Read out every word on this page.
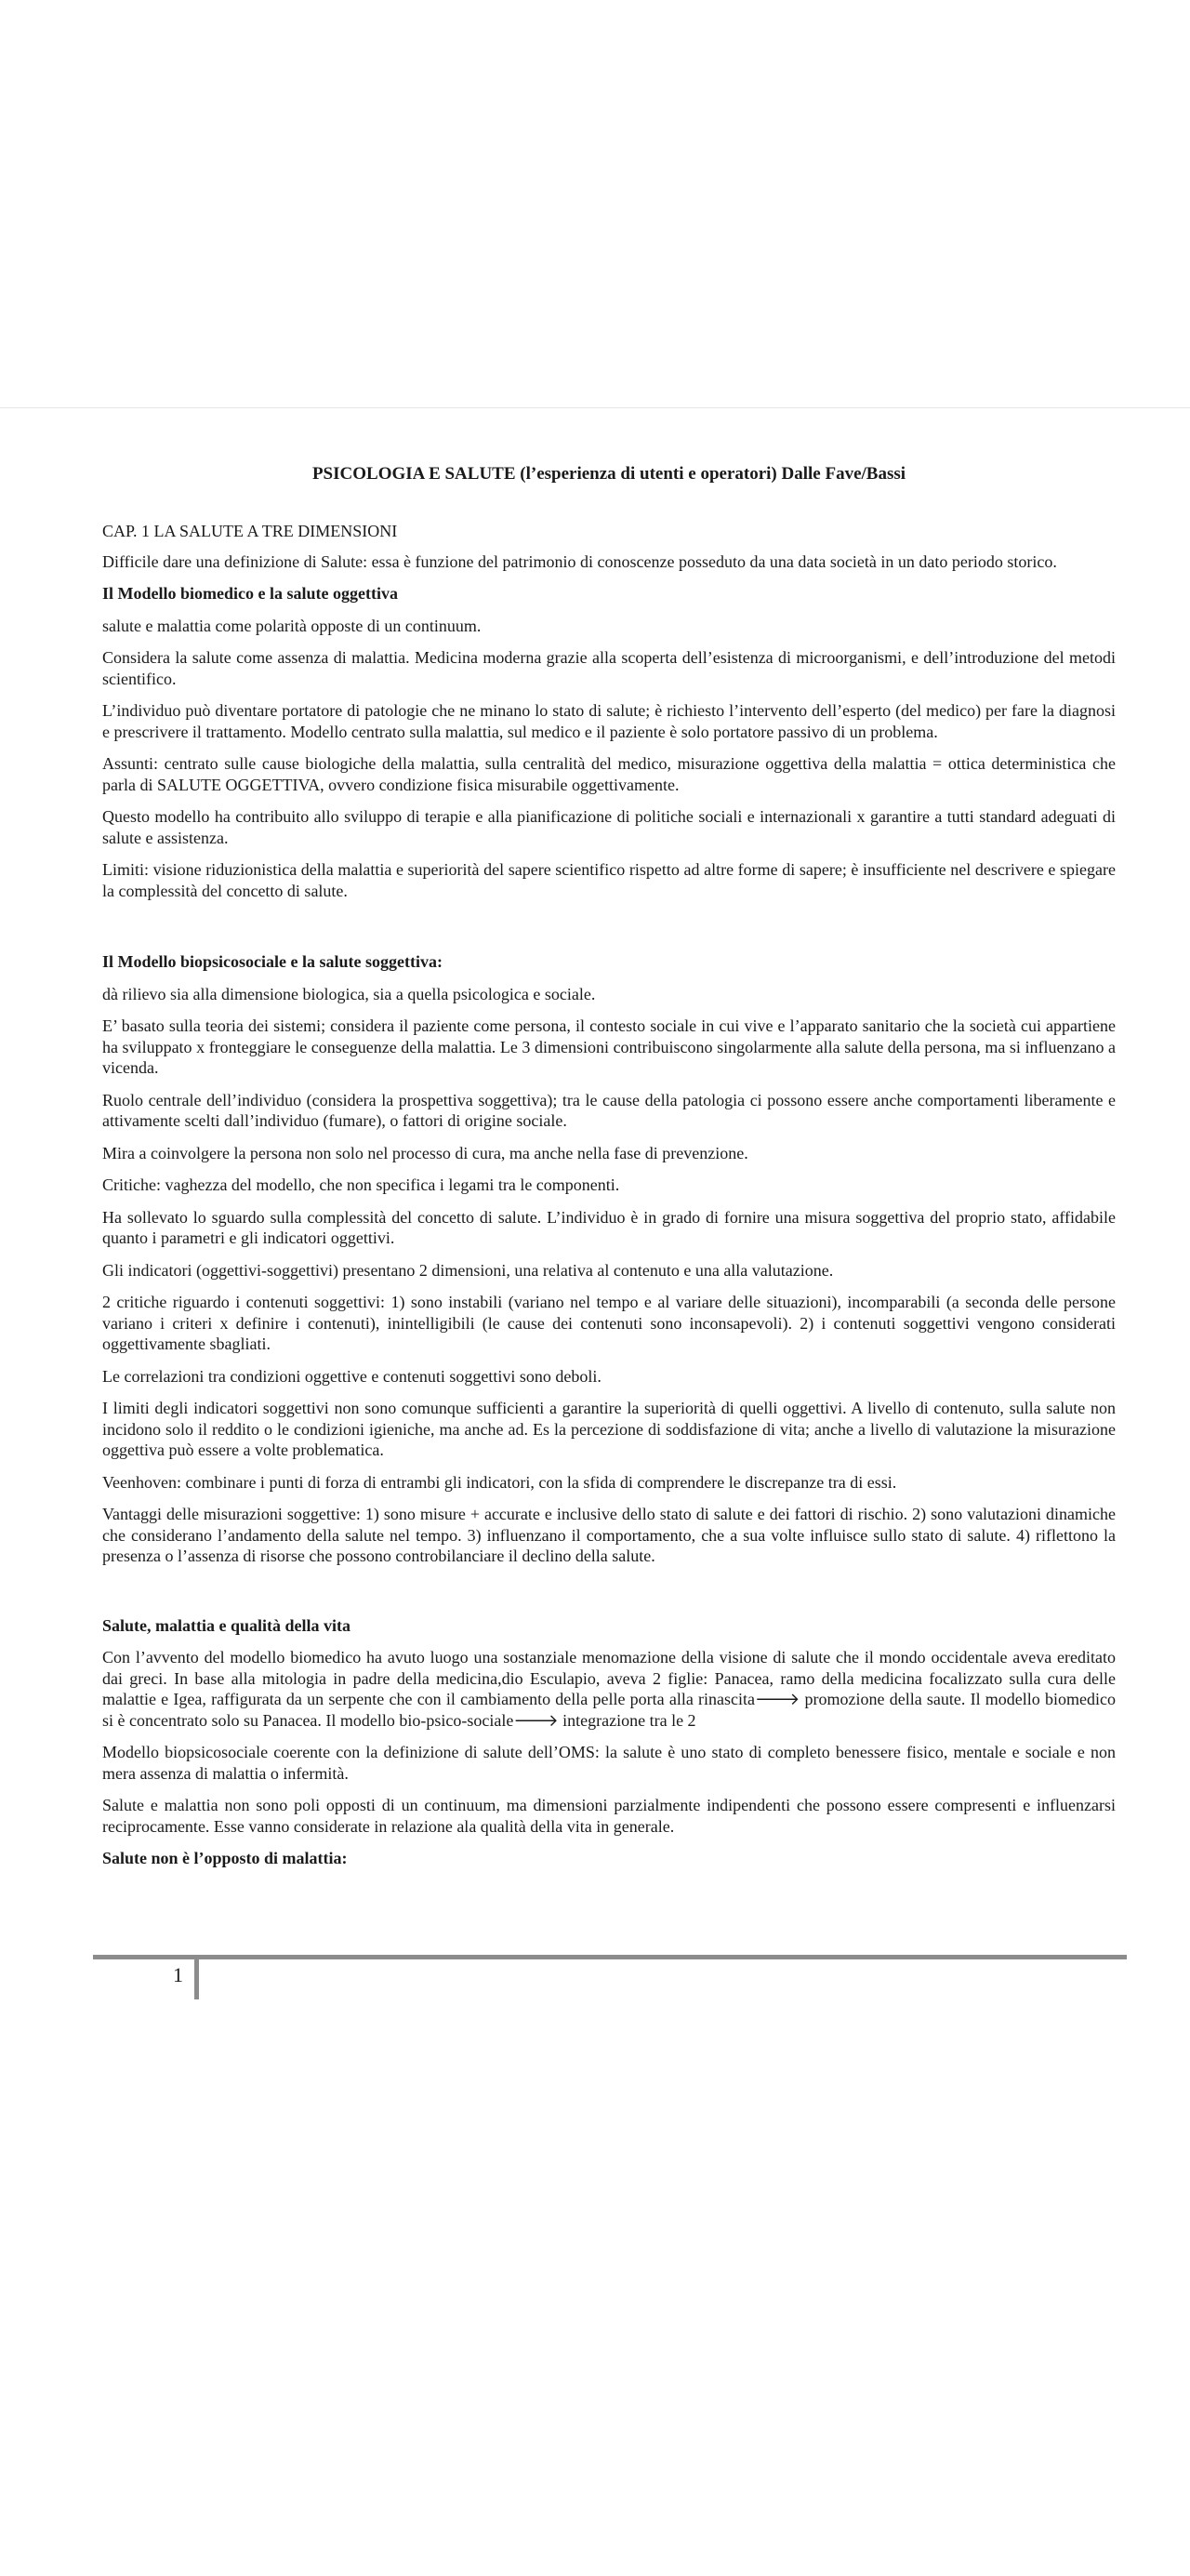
PSICOLOGIA E SALUTE (l’esperienza di utenti e operatori) Dalle Fave/Bassi

CAP. 1 LA SALUTE A TRE DIMENSIONI

Difficile dare una definizione di Salute: essa è funzione del patrimonio di conoscenze posseduto da una data società in un dato periodo storico.

Il Modello biomedico e la salute oggettiva

salute e malattia come polarità opposte di un continuum.

Considera la salute come assenza di malattia. Medicina moderna grazie alla scoperta dell’esistenza di microorganismi, e dell’introduzione del metodi scientifico.

L’individuo può diventare portatore di patologie che ne minano lo stato di salute; è richiesto l’intervento dell’esperto (del medico) per fare la diagnosi e prescrivere il trattamento. Modello centrato sulla malattia, sul medico e il paziente è solo portatore passivo di un problema.

Assunti: centrato sulle cause biologiche della malattia, sulla centralità del medico, misurazione oggettiva della malattia = ottica deterministica che parla di SALUTE OGGETTIVA, ovvero condizione fisica misurabile oggettivamente.

Questo modello ha contribuito allo sviluppo di terapie e alla pianificazione di politiche sociali e internazionali x garantire a tutti standard adeguati di salute e assistenza.

Limiti: visione riduzionistica della malattia e superiorità del sapere scientifico rispetto ad altre forme di sapere; è insufficiente nel descrivere e spiegare la complessità del concetto di salute.

Il Modello biopsicosociale e la salute soggettiva:

dà rilievo sia alla dimensione biologica, sia a quella psicologica e sociale.

E’ basato sulla teoria dei sistemi; considera il paziente come persona, il contesto sociale in cui vive e l’apparato sanitario che la società cui appartiene ha sviluppato x fronteggiare le conseguenze della malattia. Le 3 dimensioni contribuiscono singolarmente alla salute della persona, ma si influenzano a vicenda.

Ruolo centrale dell’individuo (considera la prospettiva soggettiva); tra le cause della patologia ci possono essere anche comportamenti liberamente e attivamente scelti dall’individuo (fumare), o fattori di origine sociale.

Mira a coinvolgere la persona non solo nel processo di cura, ma anche nella fase di prevenzione.

Critiche: vaghezza del modello, che non specifica i legami tra le componenti.

Ha sollevato lo sguardo sulla complessità del concetto di salute. L’individuo è in grado di fornire una misura soggettiva del proprio stato, affidabile quanto i parametri e gli indicatori oggettivi.

Gli indicatori (oggettivi-soggettivi) presentano 2 dimensioni, una relativa al contenuto e una alla valutazione.

2 critiche riguardo i contenuti soggettivi: 1) sono instabili (variano nel tempo e al variare delle situazioni), incomparabili (a seconda delle persone variano i criteri x definire i contenuti), inintelligibili (le cause dei contenuti sono inconsapevoli). 2) i contenuti soggettivi vengono considerati oggettivamente sbagliati.

Le correlazioni tra condizioni oggettive e contenuti soggettivi sono deboli.

I limiti degli indicatori soggettivi non sono comunque sufficienti a garantire la superiorità di quelli oggettivi. A livello di contenuto, sulla salute non incidono solo il reddito o le condizioni igieniche, ma anche ad. Es la percezione di soddisfazione di vita; anche a livello di valutazione la misurazione oggettiva può essere a volte problematica.

Veenhoven: combinare i punti di forza di entrambi gli indicatori, con la sfida di comprendere le discrepanze tra di essi.

Vantaggi delle misurazioni soggettive: 1) sono misure + accurate e inclusive dello stato di salute e dei fattori di rischio. 2) sono valutazioni dinamiche che considerano l’andamento della salute nel tempo. 3) influenzano il comportamento, che a sua volte influisce sullo stato di salute. 4) riflettono la presenza o l’assenza di risorse che possono controbilanciare il declino della salute.

Salute, malattia e qualità della vita

Con l’avvento del modello biomedico ha avuto luogo una sostanziale menomazione della visione di salute che il mondo occidentale aveva ereditato dai greci. In base alla mitologia in padre della medicina,dio Esculapio, aveva 2 figlie: Panacea, ramo della medicina focalizzato sulla cura delle malattie e Igea, raffigurata da un serpente che con il cambiamento della pelle porta alla rinascita🡒 promozione della saute. Il modello biomedico si è concentrato solo su Panacea. Il modello bio-psico-sociale🡒 integrazione tra le 2

Modello biopsicosociale coerente con la definizione di salute dell’OMS: la salute è uno stato di completo benessere fisico, mentale e sociale e non mera assenza di malattia o infermità.

Salute e malattia non sono poli opposti di un continuum, ma dimensioni parzialmente indipendenti che possono essere compresenti e influenzarsi reciprocamente. Esse vanno considerate in relazione ala qualità della vita in generale.

Salute non è l’opposto di malattia:

1
